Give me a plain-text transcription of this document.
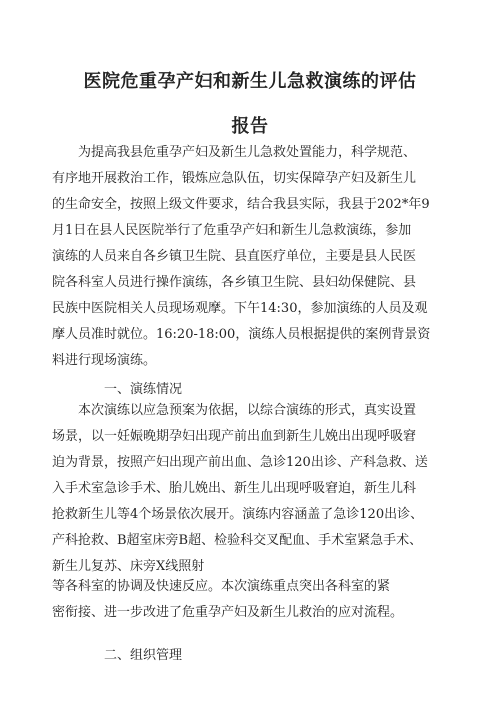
医院危重孕产妇和新生儿急救演练的评估
报告
　　为提高我县危重孕产妇及新生儿急救处置能力，科学规范、
有序地开展救治工作，锻炼应急队伍，切实保障孕产妇及新生儿
的生命安全，按照上级文件要求，结合我县实际，我县于202*年9
月1日在县人民医院举行了危重孕产妇和新生儿急救演练，参加
演练的人员来自各乡镇卫生院、县直医疗单位，主要是县人民医
院各科室人员进行操作演练，各乡镇卫生院、县妇幼保健院、县
民族中医院相关人员现场观摩。下午14:30，参加演练的人员及观
摩人员准时就位。16:20-18:00，演练人员根据提供的案例背景资
料进行现场演练。
一、演练情况
　　本次演练以应急预案为依据，以综合演练的形式，真实设置
场景，以一妊娠晚期孕妇出现产前出血到新生儿娩出出现呼吸窘
迫为背景，按照产妇出现产前出血、急诊120出诊、产科急救、送
入手术室急诊手术、胎儿娩出、新生儿出现呼吸窘迫，新生儿科
抢救新生儿等4个场景依次展开。演练内容涵盖了急诊120出诊、
产科抢救、B超室床旁B超、检验科交叉配血、手术室紧急手术、
新生儿复苏、床旁X线照射
等各科室的协调及快速反应。本次演练重点突出各科室的紧
密衔接、进一步改进了危重孕产妇及新生儿救治的应对流程。
二、组织管理
